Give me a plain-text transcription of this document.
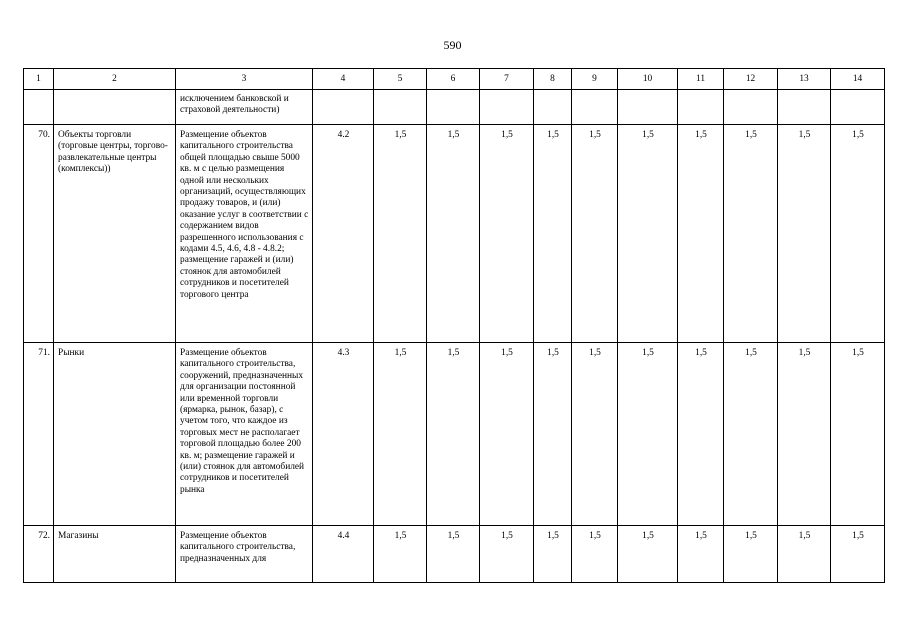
590
1	2	3	4	5	6	7	8	9	10	11	12	13	14
		исключением банковской и страховой деятельности)											
70.	Объекты торговли (торговые центры, торгово-развлекательные центры (комплексы))	Размещение объектов капитального строительства общей площадью свыше 5000 кв. м с целью размещения одной или нескольких организаций, осуществляющих продажу товаров, и (или) оказание услуг в соответствии с содержанием видов разрешенного использования с кодами 4.5, 4.6, 4.8 - 4.8.2; размещение гаражей и (или) стоянок для автомобилей сотрудников и посетителей торгового центра	4.2	1,5	1,5	1,5	1,5	1,5	1,5	1,5	1,5	1,5	1,5
71.	Рынки	Размещение объектов капитального строительства, сооружений, предназначенных для организации постоянной или временной торговли (ярмарка, рынок, базар), с учетом того, что каждое из торговых мест не располагает торговой площадью более 200 кв. м; размещение гаражей и (или) стоянок для автомобилей сотрудников и посетителей рынка	4.3	1,5	1,5	1,5	1,5	1,5	1,5	1,5	1,5	1,5	1,5
72.	Магазины	Размещение объектов капитального строительства, предназначенных для	4.4	1,5	1,5	1,5	1,5	1,5	1,5	1,5	1,5	1,5	1,5
